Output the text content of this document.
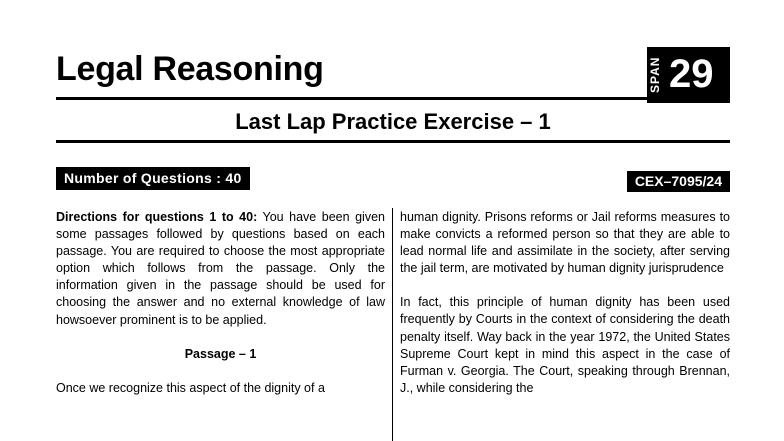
Legal Reasoning	SPAN 29
Last Lap Practice Exercise – 1
Number of Questions : 40	CEX–7095/24

Directions for questions 1 to 40: You have been given some passages followed by questions based on each passage. You are required to choose the most appropriate option which follows from the passage. Only the information given in the passage should be used for choosing the answer and no external knowledge of law howsoever prominent is to be applied.

Passage – 1

Once we recognize this aspect of the dignity of a

human dignity. Prisons reforms or Jail reforms measures to make convicts a reformed person so that they are able to lead normal life and assimilate in the society, after serving the jail term, are motivated by human dignity jurisprudence

In fact, this principle of human dignity has been used frequently by Courts in the context of considering the death penalty itself. Way back in the year 1972, the United States Supreme Court kept in mind this aspect in the case of Furman v. Georgia. The Court, speaking through Brennan, J., while considering the
